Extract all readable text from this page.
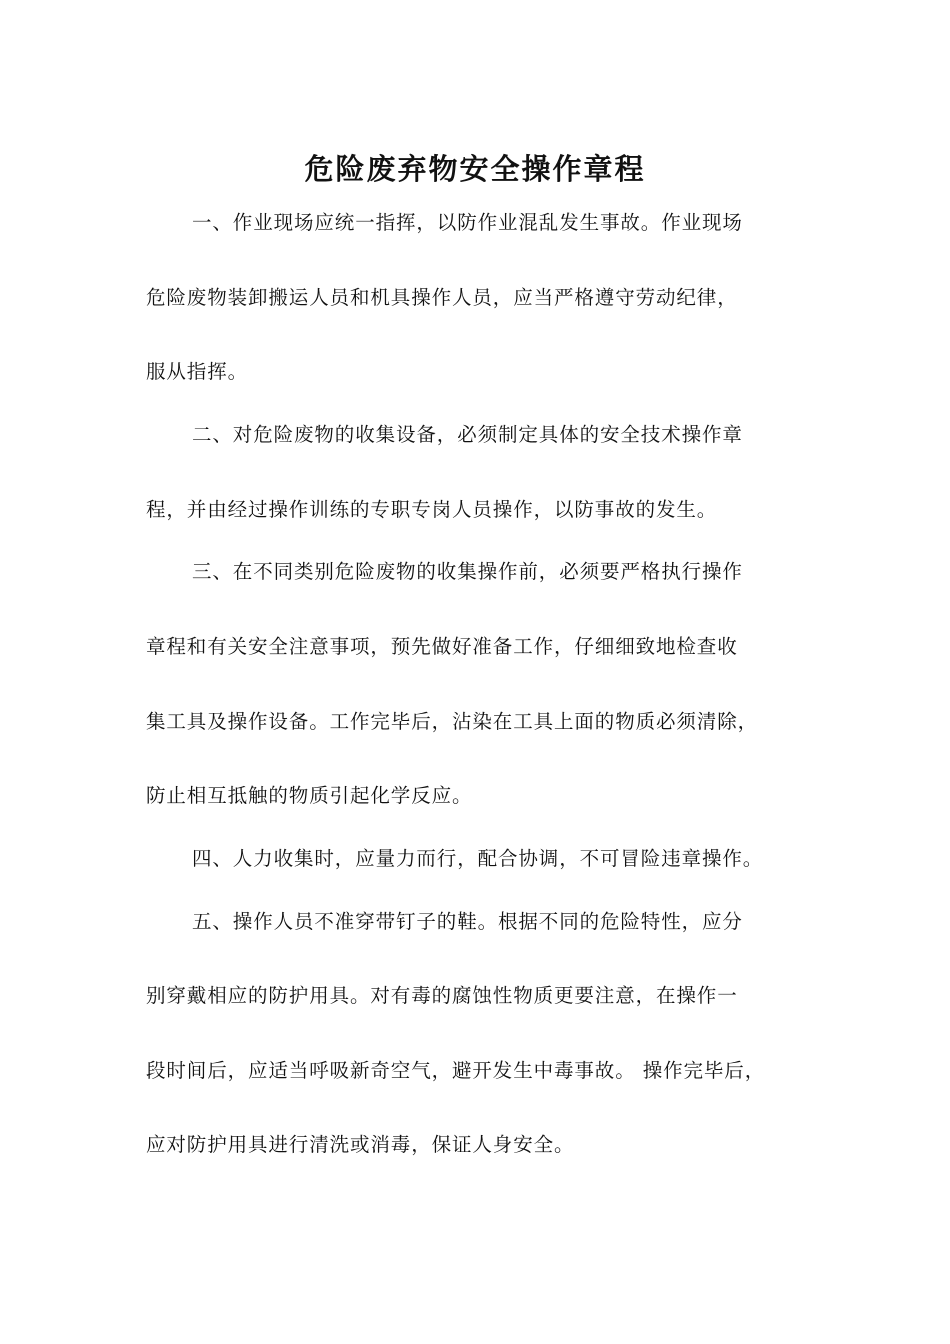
危险废弃物安全操作章程

一、作业现场应统一指挥，以防作业混乱发生事故。作业现场

危险废物装卸搬运人员和机具操作人员，应当严格遵守劳动纪律，

服从指挥。

二、对危险废物的收集设备，必须制定具体的安全技术操作章

程，并由经过操作训练的专职专岗人员操作，以防事故的发生。

三、在不同类别危险废物的收集操作前，必须要严格执行操作

章程和有关安全注意事项，预先做好准备工作，仔细细致地检查收

集工具及操作设备。工作完毕后，沾染在工具上面的物质必须清除，

防止相互抵触的物质引起化学反应。

四、人力收集时，应量力而行，配合协调，不可冒险违章操作。

五、操作人员不准穿带钉子的鞋。根据不同的危险特性，应分

别穿戴相应的防护用具。对有毒的腐蚀性物质更要注意，在操作一

段时间后，应适当呼吸新奇空气，避开发生中毒事故。 操作完毕后，

应对防护用具进行清洗或消毒，保证人身安全。
